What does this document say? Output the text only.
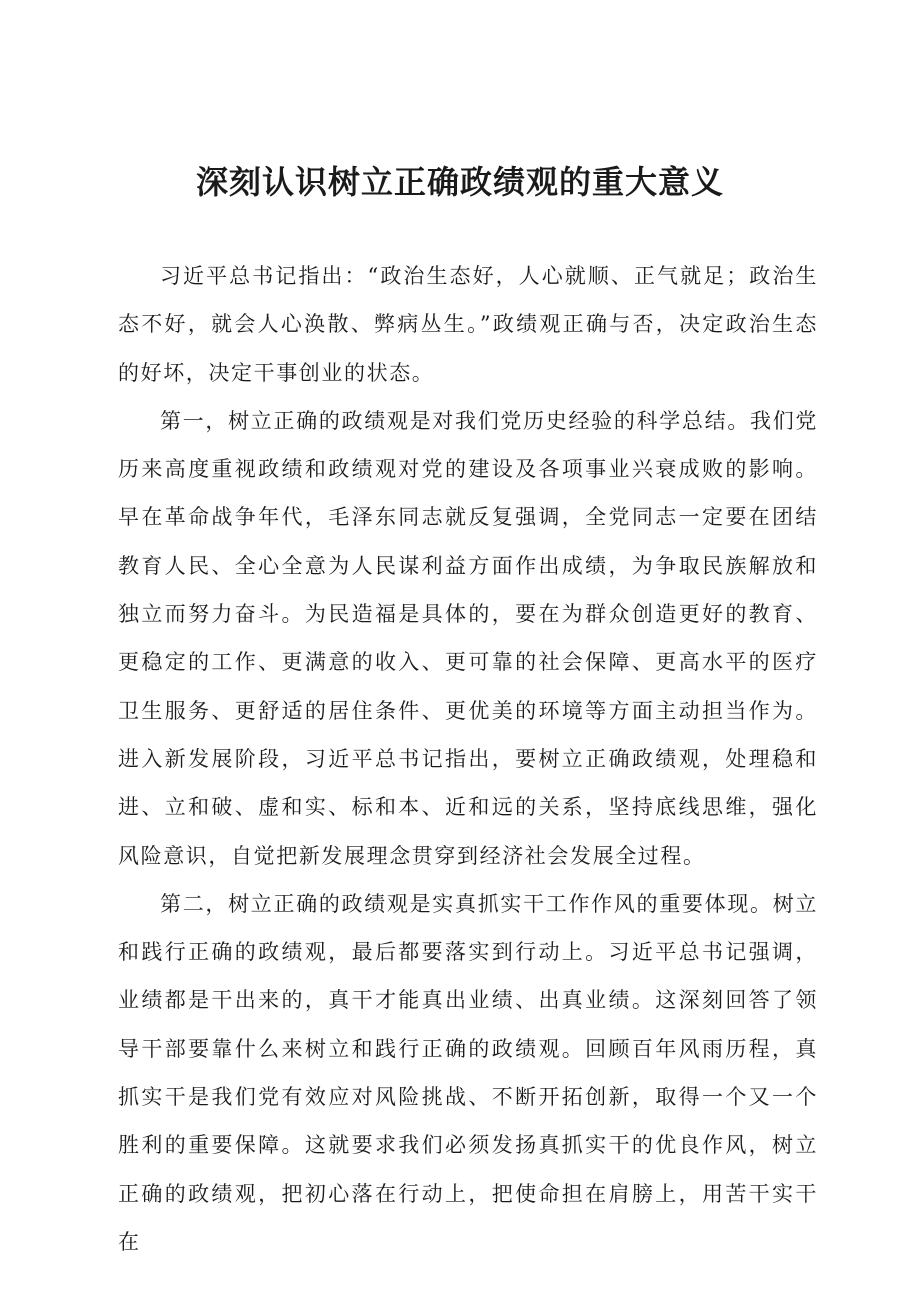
深刻认识树立正确政绩观的重大意义

习近平总书记指出：“政治生态好，人心就顺、正气就足；政治生态不好，就会人心涣散、弊病丛生。”政绩观正确与否，决定政治生态的好坏，决定干事创业的状态。

第一，树立正确的政绩观是对我们党历史经验的科学总结。我们党历来高度重视政绩和政绩观对党的建设及各项事业兴衰成败的影响。早在革命战争年代，毛泽东同志就反复强调，全党同志一定要在团结教育人民、全心全意为人民谋利益方面作出成绩，为争取民族解放和独立而努力奋斗。为民造福是具体的，要在为群众创造更好的教育、更稳定的工作、更满意的收入、更可靠的社会保障、更高水平的医疗卫生服务、更舒适的居住条件、更优美的环境等方面主动担当作为。进入新发展阶段，习近平总书记指出，要树立正确政绩观，处理稳和进、立和破、虚和实、标和本、近和远的关系，坚持底线思维，强化风险意识，自觉把新发展理念贯穿到经济社会发展全过程。

第二，树立正确的政绩观是实真抓实干工作作风的重要体现。树立和践行正确的政绩观，最后都要落实到行动上。习近平总书记强调，业绩都是干出来的，真干才能真出业绩、出真业绩。这深刻回答了领导干部要靠什么来树立和践行正确的政绩观。回顾百年风雨历程，真抓实干是我们党有效应对风险挑战、不断开拓创新，取得一个又一个胜利的重要保障。这就要求我们必须发扬真抓实干的优良作风，树立正确的政绩观，把初心落在行动上，把使命担在肩膀上，用苦干实干在
